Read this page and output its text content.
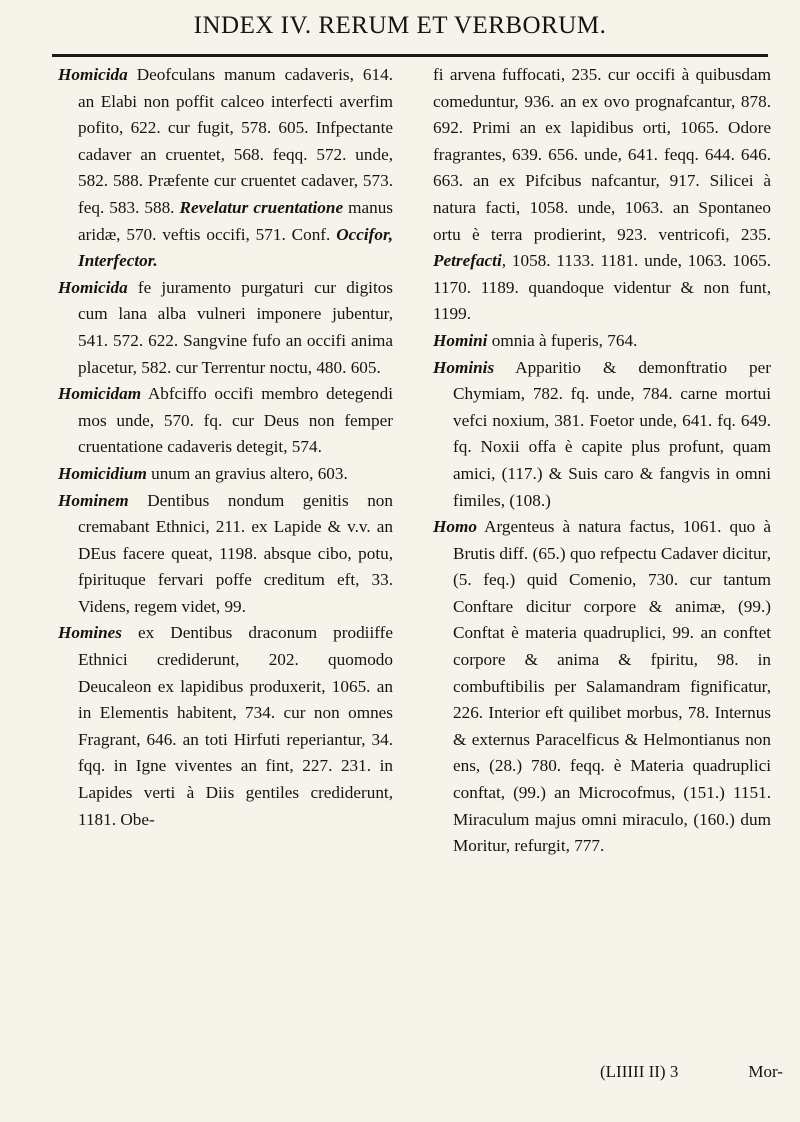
INDEX IV. RERUM ET VERBORUM.

Homicida Deofculans manum cadaveris, 614. an Elabi non poffit calceo interfecti averfim pofito, 622. cur fugit, 578. 605. Infpectante cadaver an cruentet, 568. feqq. 572. unde, 582. 588. Præfente cur cruentet cadaver, 573. feq. 583. 588. Revelatur cruentatione manus aridæ, 570. veftis occifi, 571. Conf. Occifor, Interfector.

Homicida fe juramento purgaturi cur digitos cum lana alba vulneri imponere jubentur, 541. 572. 622. Sangvine fufo an occifi anima placetur, 582. cur Terrentur noctu, 480. 605.

Homicidam Abfciffo occifi membro detegendi mos unde, 570. fq. cur Deus non femper cruentatione cadaveris detegit, 574.

Homicidium unum an gravius altero, 603.

Hominem Dentibus nondum genitis non cremabant Ethnici, 211. ex Lapide & v.v. an DEus facere queat, 1198. absque cibo, potu, fpirituque fervari poffe creditum eft, 33. Videns, regem videt, 99.

Homines ex Dentibus draconum prodiiffe Ethnici crediderunt, 202. quomodo Deucaleon ex lapidibus produxerit, 1065. an in Elementis habitent, 734. cur non omnes Fragrant, 646. an toti Hirfuti reperiantur, 34. fqq. in Igne viventes an fint, 227. 231. in Lapides verti à Diis gentiles crediderunt, 1181. Obe-

fi arvena fuffocati, 235. cur occifi à quibusdam comeduntur, 936. an ex ovo prognafcantur, 878. 692. Primi an ex lapidibus orti, 1065. Odore fragrantes, 639. 656. unde, 641. feqq. 644. 646. 663. an ex Pifcibus nafcantur, 917. Silicei à natura facti, 1058. unde, 1063. an Spontaneo ortu è terra prodierint, 923. ventricofi, 235. Petrefacti, 1058. 1133. 1181. unde, 1063. 1065. 1170. 1189. quandoque videntur & non funt, 1199.

Homini omnia à fuperis, 764.

Hominis Apparitio & demonftratio per Chymiam, 782. fq. unde, 784. carne mortui vefci noxium, 381. Foetor unde, 641. fq. 649. fq. Noxii offa è capite plus profunt, quam amici, (117.) & Suis caro & fangvis in omni fimiles, (108.)

Homo Argenteus à natura factus, 1061. quo à Brutis diff. (65.) quo refpectu Cadaver dicitur, (5. feq.) quid Comenio, 730. cur tantum Conftare dicitur corpore & animæ, (99.) Conftat è materia quadruplici, 99. an conftet corpore & anima & fpiritu, 98. in combuftibilis per Salamandram fignificatur, 226. Interior eft quilibet morbus, 78. Internus & externus Paracelficus & Helmontianus non ens, (28.) 780. feqq. è Materia quadruplici conftat, (99.) an Microcofmus, (151.) 1151. Miraculum majus omni miraculo, (160.) dum Moritur, refurgit, 777.

(LIIIII II) 3	Mor-
